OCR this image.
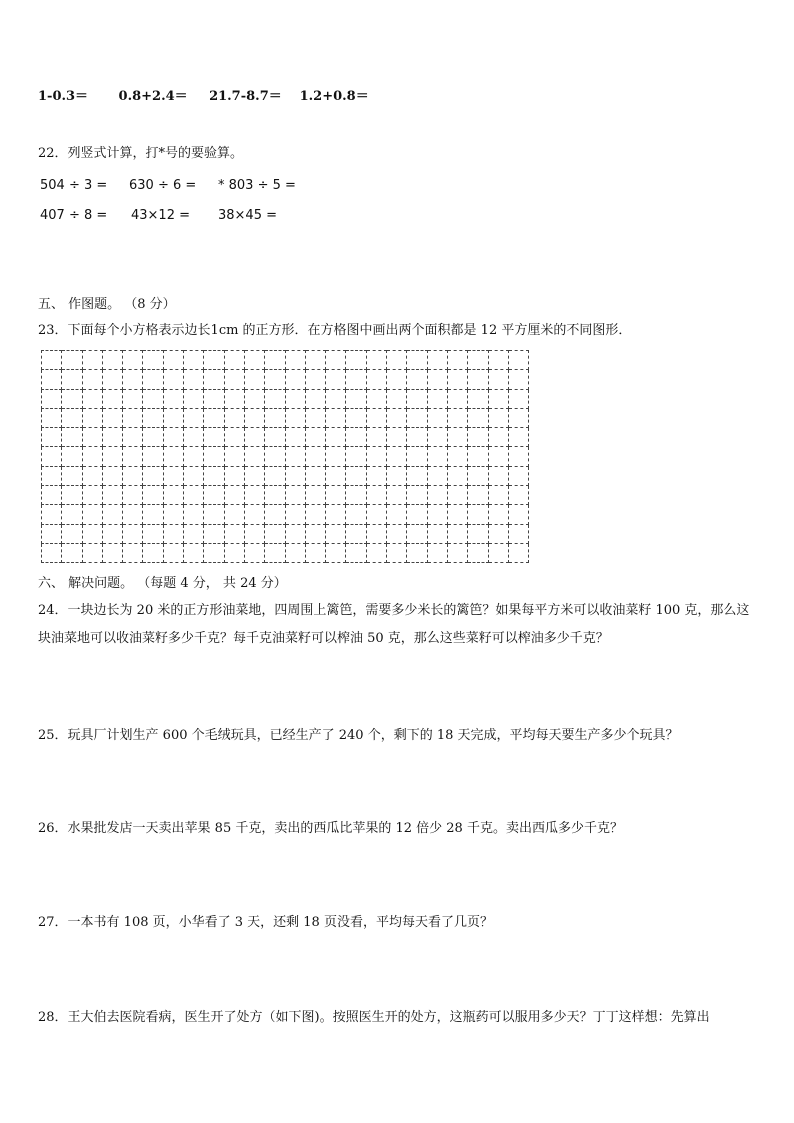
1-0.3＝ 0.8+2.4＝ 21.7-8.7＝ 1.2+0.8＝
22．列竖式计算，打*号的要验算。
504 ÷ 3 = 630 ÷ 6 = * 803 ÷ 5 =
407 ÷ 8 = 43×12 = 38×45 =
五、 作图题。 （8 分）
23．下面每个小方格表示边长1cm 的正方形．在方格图中画出两个面积都是 12 平方厘米的不同图形．

六、 解决问题。 （每题 4 分， 共 24 分）
24．一块边长为 20 米的正方形油菜地，四周围上篱笆，需要多少米长的篱笆？如果每平方米可以收油菜籽 100 克，那么这块油菜地可以收油菜籽多少千克？每千克油菜籽可以榨油 50 克，那么这些菜籽可以榨油多少千克？
25．玩具厂计划生产 600 个毛绒玩具，已经生产了 240 个，剩下的 18 天完成，平均每天要生产多少个玩具？
26．水果批发店一天卖出苹果 85 千克，卖出的西瓜比苹果的 12 倍少 28 千克。卖出西瓜多少千克？
27．一本书有 108 页，小华看了 3 天，还剩 18 页没看，平均每天看了几页？
28．王大伯去医院看病，医生开了处方（如下图)。按照医生开的处方，这瓶药可以服用多少天？丁丁这样想：先算出
